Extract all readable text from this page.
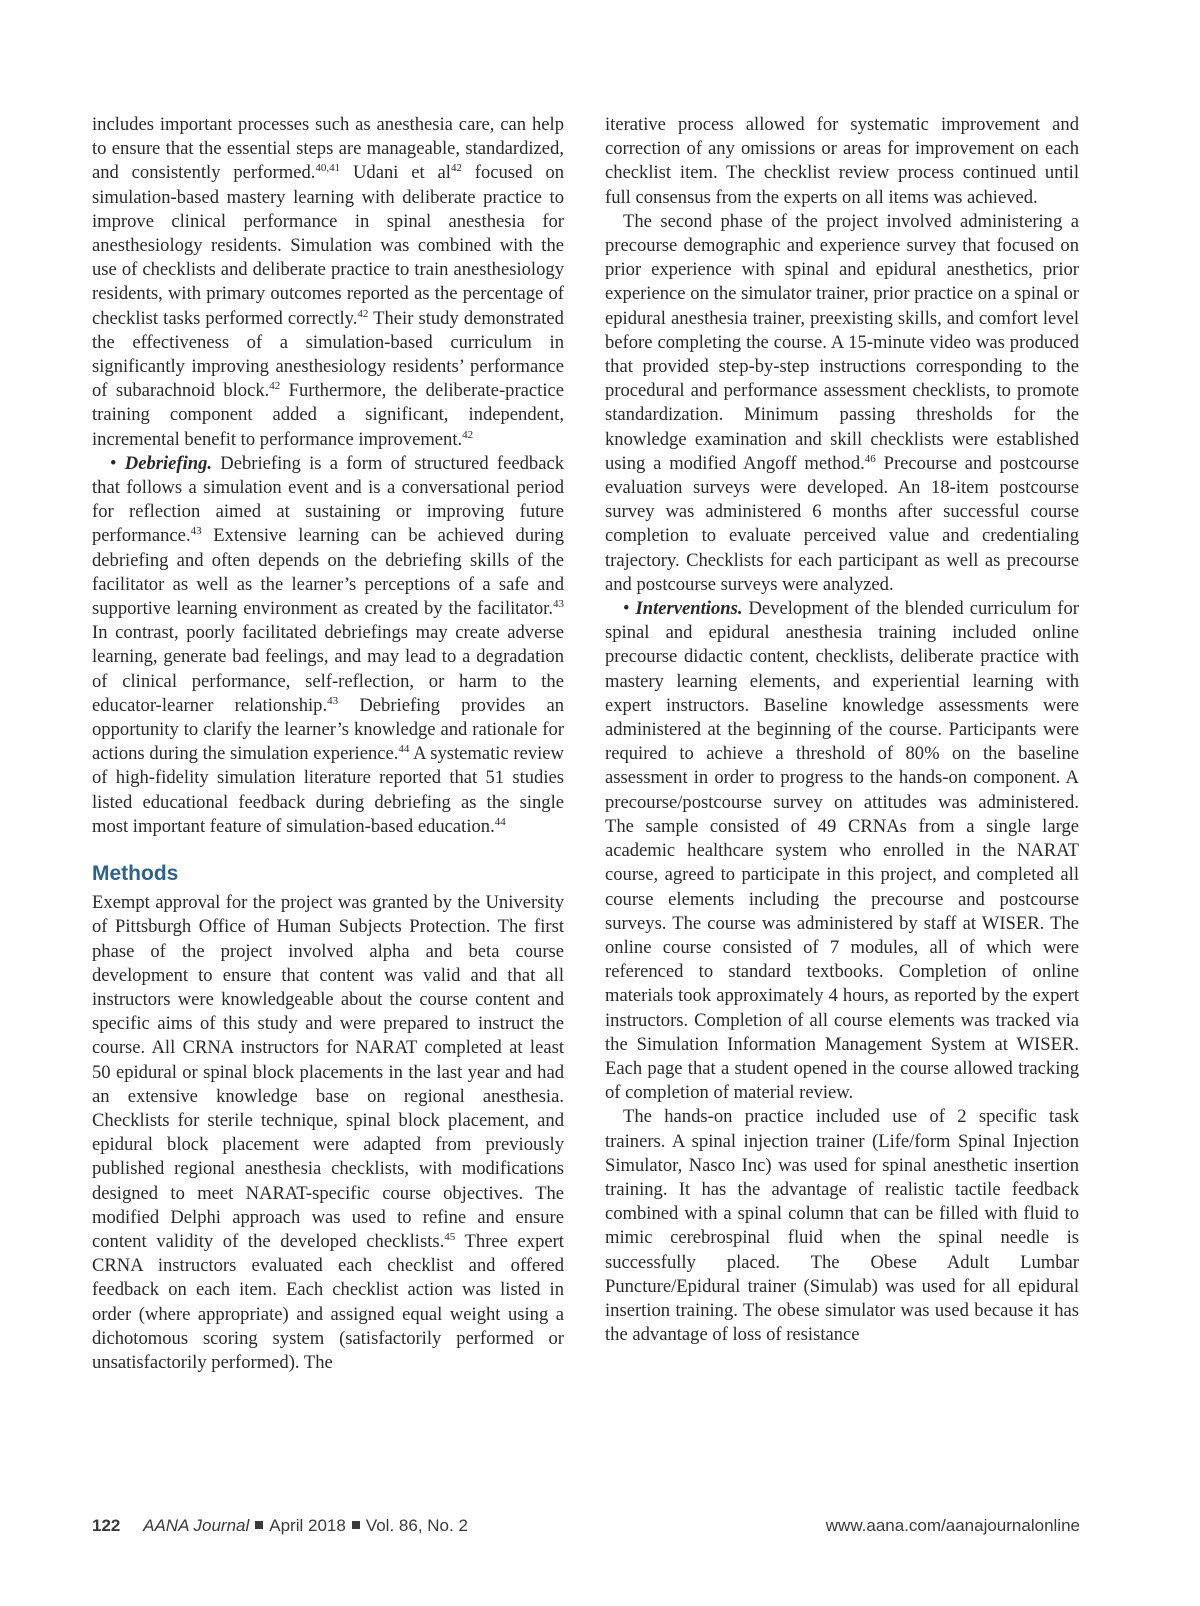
includes important processes such as anesthesia care, can help to ensure that the essential steps are manageable, standardized, and consistently performed.$^{40,41}$ Udani et $al^{42}$ focused on simulation-based mastery learning with deliberate practice to improve clinical performance in spinal anesthesia for anesthesiology residents. Simulation was combined with the use of checklists and deliberate practice to train anesthesiology residents, with primary outcomes reported as the percentage of checklist tasks performed correctly.$^{42}$ Their study demonstrated the effectiveness of a simulation-based curriculum in significantly improving anesthesiology residents’ performance of subarachnoid block.$^{42}$ Furthermore, the deliberate-practice training component added a significant, independent, incremental benefit to performance improvement.$^{42}$

• Debriefing. Debriefing is a form of structured feedback that follows a simulation event and is a conversational period for reflection aimed at sustaining or improving future performance.$^{43}$ Extensive learning can be achieved during debriefing and often depends on the debriefing skills of the facilitator as well as the learner’s perceptions of a safe and supportive learning environment as created by the facilitator.$^{43}$ In contrast, poorly facilitated debriefings may create adverse learning, generate bad feelings, and may lead to a degradation of clinical performance, self-reflection, or harm to the educator-learner relationship.$^{43}$ Debriefing provides an opportunity to clarify the learner’s knowledge and rationale for actions during the simulation experience.$^{44}$ A systematic review of high-fidelity simulation literature reported that 51 studies listed educational feedback during debriefing as the single most important feature of simulation-based education.$^{44}$

Methods

Exempt approval for the project was granted by the University of Pittsburgh Office of Human Subjects Protection. The first phase of the project involved alpha and beta course development to ensure that content was valid and that all instructors were knowledgeable about the course content and specific aims of this study and were prepared to instruct the course. All CRNA instructors for NARAT completed at least 50 epidural or spinal block placements in the last year and had an extensive knowledge base on regional anesthesia. Checklists for sterile technique, spinal block placement, and epidural block placement were adapted from previously published regional anesthesia checklists, with modifications designed to meet NARAT-specific course objectives. The modified Delphi approach was used to refine and ensure content validity of the developed checklists.$^{45}$ Three expert CRNA instructors evaluated each checklist and offered feedback on each item. Each checklist action was listed in order (where appropriate) and assigned equal weight using a dichotomous scoring system (satisfactorily performed or unsatisfactorily performed). The

iterative process allowed for systematic improvement and correction of any omissions or areas for improvement on each checklist item. The checklist review process continued until full consensus from the experts on all items was achieved.

The second phase of the project involved administering a precourse demographic and experience survey that focused on prior experience with spinal and epidural anesthetics, prior experience on the simulator trainer, prior practice on a spinal or epidural anesthesia trainer, preexisting skills, and comfort level before completing the course. A 15-minute video was produced that provided step-by-step instructions corresponding to the procedural and performance assessment checklists, to promote standardization. Minimum passing thresholds for the knowledge examination and skill checklists were established using a modified Angoff method.$^{46}$ Precourse and postcourse evaluation surveys were developed. An 18-item postcourse survey was administered 6 months after successful course completion to evaluate perceived value and credentialing trajectory. Checklists for each participant as well as precourse and postcourse surveys were analyzed.

• Interventions. Development of the blended curriculum for spinal and epidural anesthesia training included online precourse didactic content, checklists, deliberate practice with mastery learning elements, and experiential learning with expert instructors. Baseline knowledge assessments were administered at the beginning of the course. Participants were required to achieve a threshold of 80% on the baseline assessment in order to progress to the hands-on component. A precourse/postcourse survey on attitudes was administered. The sample consisted of 49 CRNAs from a single large academic healthcare system who enrolled in the NARAT course, agreed to participate in this project, and completed all course elements including the precourse and postcourse surveys. The course was administered by staff at WISER. The online course consisted of 7 modules, all of which were referenced to standard textbooks. Completion of online materials took approximately 4 hours, as reported by the expert instructors. Completion of all course elements was tracked via the Simulation Information Management System at WISER. Each page that a student opened in the course allowed tracking of completion of material review.

The hands-on practice included use of 2 specific task trainers. A spinal injection trainer (Life/form Spinal Injection Simulator, Nasco Inc) was used for spinal anesthetic insertion training. It has the advantage of realistic tactile feedback combined with a spinal column that can be filled with fluid to mimic cerebrospinal fluid when the spinal needle is successfully placed. The Obese Adult Lumbar Puncture/Epidural trainer (Simulab) was used for all epidural insertion training. The obese simulator was used because it has the advantage of loss of resistance

122 AANA Journal April 2018 Vol. 86, No. 2	www.aana.com/aanajournalonline
